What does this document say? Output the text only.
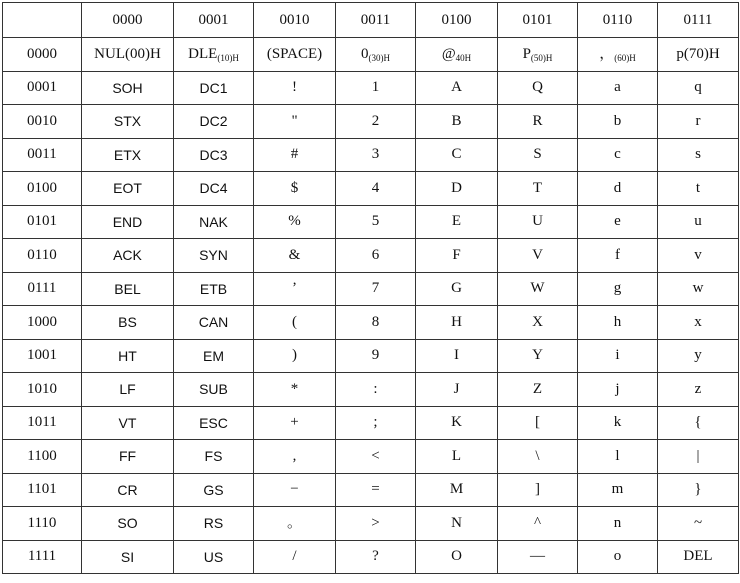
	0000	0001	0010	0011	0100	0101	0110	0111
0000	NUL(00)H	$DLE_{(10)H}$	(SPACE)	$0_{(30)H}$	$@_{40H}$	$P_{(50)H}$	，$_{(60)H}$	p(70)H
0001	SOH	DC1	!	1	A	Q	a	q
0010	STX	DC2	"	2	B	R	b	r
0011	ETX	DC3	#	3	C	S	c	s
0100	EOT	DC4	$	4	D	T	d	t
0101	END	NAK	%	5	E	U	e	u
0110	ACK	SYN	&	6	F	V	f	v
0111	BEL	ETB	’	7	G	W	g	w
1000	BS	CAN	(	8	H	X	h	x
1001	HT	EM	)	9	I	Y	i	y
1010	LF	SUB	*	:	J	Z	j	z
1011	VT	ESC	+	;	K	[	k	{
1100	FF	FS	,	<	L	\	l	|
1101	CR	GS	−	=	M	]	m	}
1110	SO	RS	。	>	N	^	n	~
1111	SI	US	/	?	O	—	o	DEL
